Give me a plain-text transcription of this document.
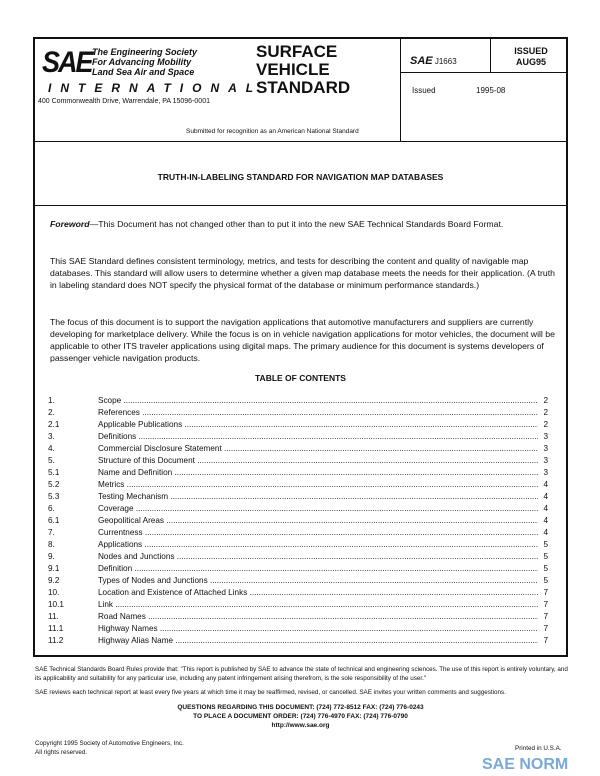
SAE The Engineering Society
For Advancing Mobility
Land Sea Air and Space
INTERNATIONAL
400 Commonwealth Drive, Warrendale, PA 15096-0001
SURFACE
VEHICLE
STANDARD
Submitted for recognition as an American National Standard
SAE J1663
ISSUED
AUG95
Issued	1995-08
TRUTH-IN-LABELING STANDARD FOR NAVIGATION MAP DATABASES
Foreword—This Document has not changed other than to put it into the new SAE Technical Standards Board Format.
This SAE Standard defines consistent terminology, metrics, and tests for describing the content and quality of navigable map databases. This standard will allow users to determine whether a given map database meets the needs for their application. (A truth in labeling standard does NOT specify the physical format of the database or minimum performance standards.)
The focus of this document is to support the navigation applications that automotive manufacturers and suppliers are currently developing for marketplace delivery. While the focus is on in vehicle navigation applications for motor vehicles, the document will be applicable to other ITS traveler applications using digital maps. The primary audience for this document is systems developers of passenger vehicle navigation products.
TABLE OF CONTENTS
1.	Scope .....	2
2.	References .....	2
2.1	Applicable Publications .....	2
3.	Definitions .....	3
4.	Commercial Disclosure Statement .....	3
5.	Structure of this Document .....	3
5.1	Name and Definition .....	3
5.2	Metrics .....	4
5.3	Testing Mechanism .....	4
6.	Coverage .....	4
6.1	Geopolitical Areas .....	4
7.	Currentness .....	4
8.	Applications .....	5
9.	Nodes and Junctions .....	5
9.1	Definition .....	5
9.2	Types of Nodes and Junctions .....	5
10.	Location and Existence of Attached Links .....	7
10.1	Link .....	7
11.	Road Names .....	7
11.1	Highway Names .....	7
11.2	Highway Alias Name .....	7
SAE Technical Standards Board Rules provide that: "This report is published by SAE to advance the state of technical and engineering sciences. The use of this report is entirely voluntary, and its applicability and suitability for any particular use, including any patent infringement arising therefrom, is the sole responsibility of the user."
SAE reviews each technical report at least every five years at which time it may be reaffirmed, revised, or cancelled. SAE invites your written comments and suggestions.
QUESTIONS REGARDING THIS DOCUMENT: (724) 772-8512 FAX: (724) 776-0243
TO PLACE A DOCUMENT ORDER: (724) 776-4970 FAX: (724) 776-0790
http://www.sae.org
Copyright 1995 Society of Automotive Engineers, Inc.
All rights reserved.
Printed in U.S.A.
SAE NORM
